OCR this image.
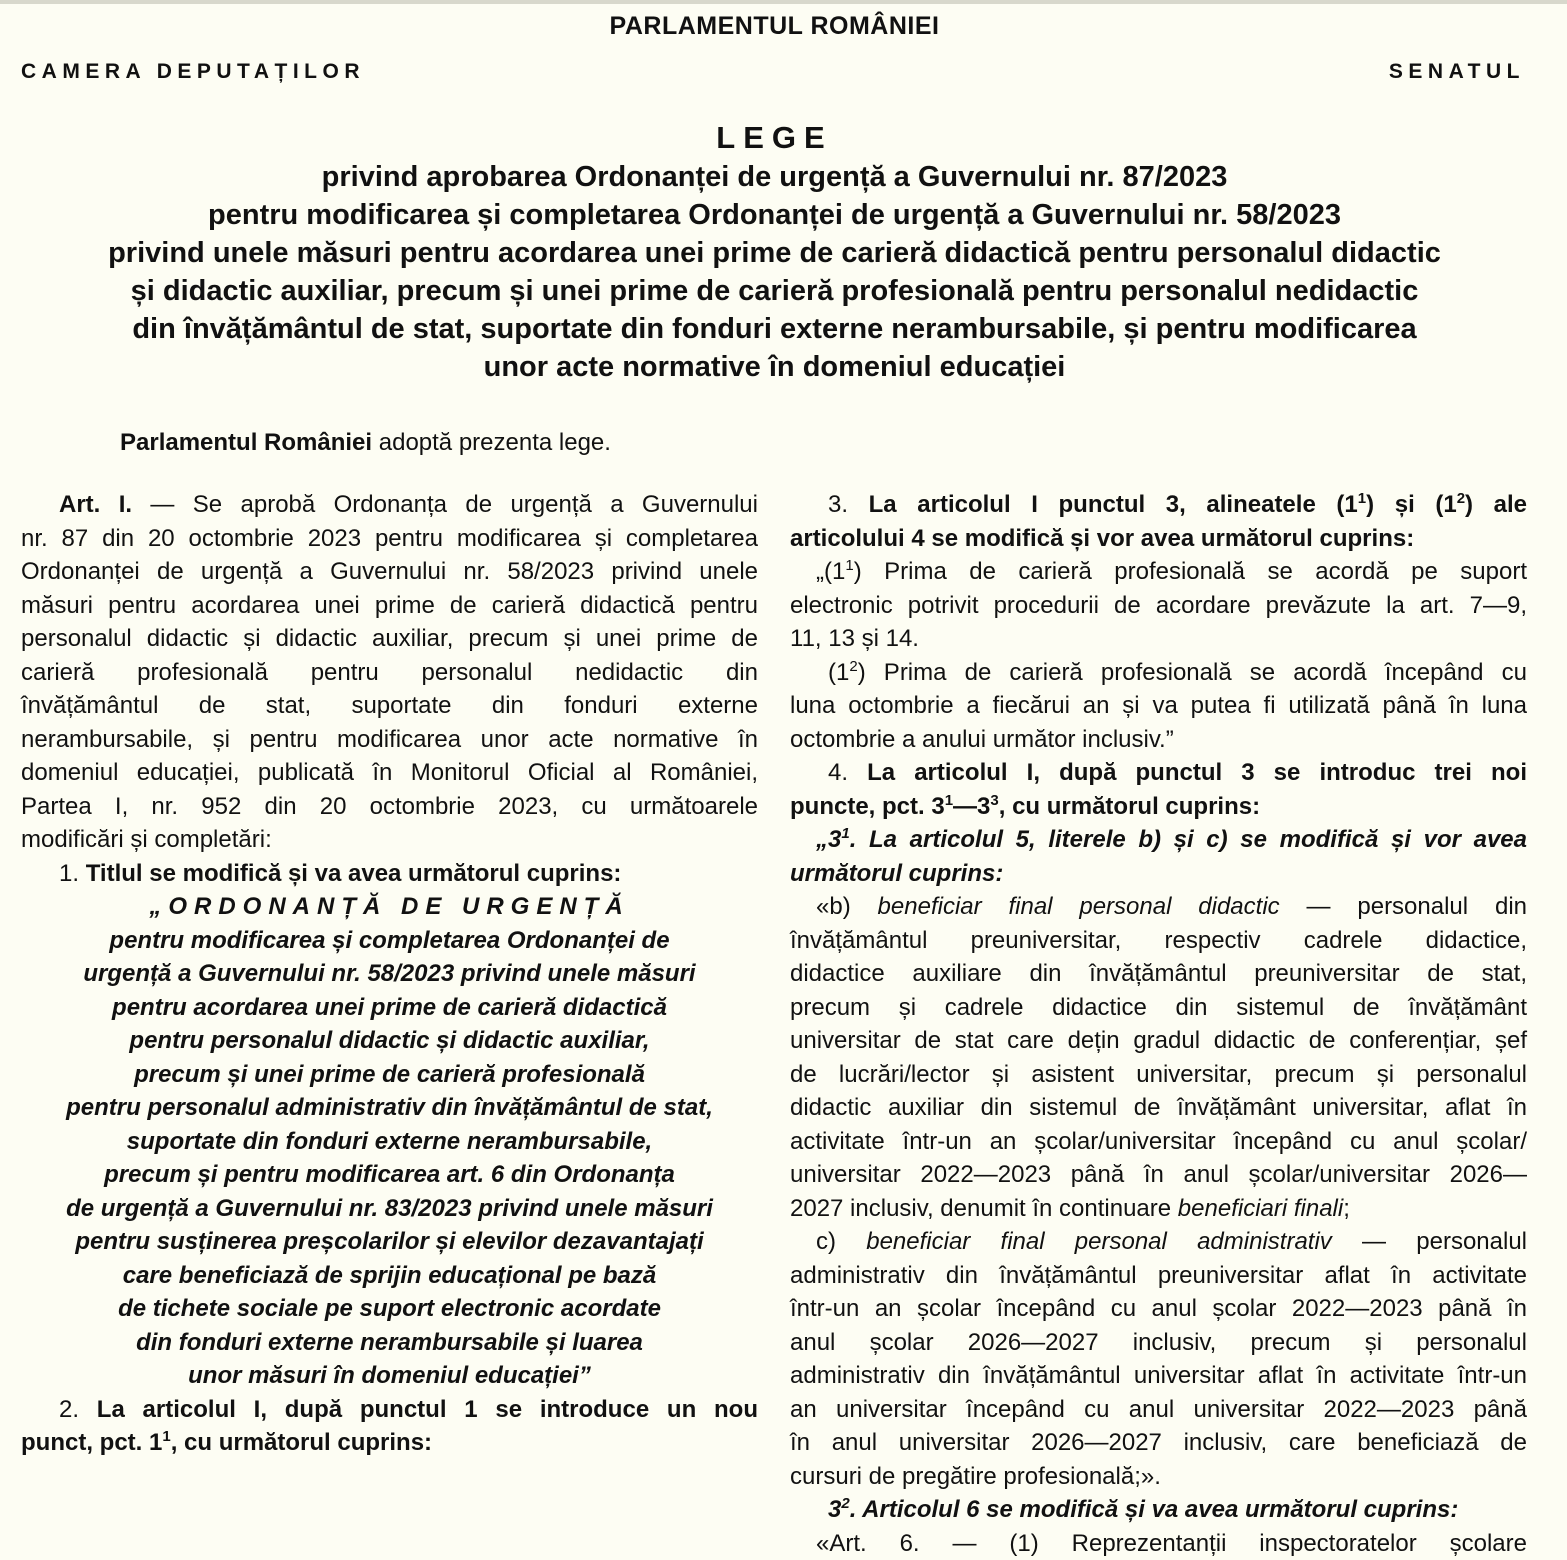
PARLAMENTUL ROMÂNIEI
CAMERA DEPUTAȚILOR	SENATUL
LEGE
privind aprobarea Ordonanței de urgență a Guvernului nr. 87/2023
pentru modificarea și completarea Ordonanței de urgență a Guvernului nr. 58/2023
privind unele măsuri pentru acordarea unei prime de carieră didactică pentru personalul didactic
și didactic auxiliar, precum și unei prime de carieră profesională pentru personalul nedidactic
din învățământul de stat, suportate din fonduri externe nerambursabile, și pentru modificarea
unor acte normative în domeniul educației
Parlamentul României adoptă prezenta lege.

Art. I. — Se aprobă Ordonanța de urgență a Guvernului

nr. 87 din 20 octombrie 2023 pentru modificarea și completarea

Ordonanței de urgență a Guvernului nr. 58/2023 privind unele

măsuri pentru acordarea unei prime de carieră didactică pentru

personalul didactic și didactic auxiliar, precum și unei prime de

carieră profesională pentru personalul nedidactic din

învățământul de stat, suportate din fonduri externe

nerambursabile, și pentru modificarea unor acte normative în

domeniul educației, publicată în Monitorul Oficial al României,

Partea I, nr. 952 din 20 octombrie 2023, cu următoarele

modificări și completări:

1. Titlul se modifică și va avea următorul cuprins:

„ORDONANȚĂ DE URGENȚĂ

pentru modificarea și completarea Ordonanței de

urgență a Guvernului nr. 58/2023 privind unele măsuri

pentru acordarea unei prime de carieră didactică

pentru personalul didactic și didactic auxiliar,

precum și unei prime de carieră profesională

pentru personalul administrativ din învățământul de stat,

suportate din fonduri externe nerambursabile,

precum și pentru modificarea art. 6 din Ordonanța

de urgență a Guvernului nr. 83/2023 privind unele măsuri

pentru susținerea preșcolarilor și elevilor dezavantajați

care beneficiază de sprijin educațional pe bază

de tichete sociale pe suport electronic acordate

din fonduri externe nerambursabile și luarea

unor măsuri în domeniul educației”

2. La articolul I, după punctul 1 se introduce un nou

punct, pct. $1^1$, cu următorul cuprins:

3. La articolul I punctul 3, alineatele $(1^1)$ și $(1^2)$ ale

articolului 4 se modifică și vor avea următorul cuprins:

$„(1^1)$ Prima de carieră profesională se acordă pe suport

electronic potrivit procedurii de acordare prevăzute la art. 7—9,

11, 13 și 14.

$(1^2)$ Prima de carieră profesională se acordă începând cu

luna octombrie a fiecărui an și va putea fi utilizată până în luna

octombrie a anului următor inclusiv.”

4. La articolul I, după punctul 3 se introduc trei noi

puncte, pct. $3^1—3^3$, cu următorul cuprins:

$„3^1$. La articolul 5, literele b) și c) se modifică și vor avea

următorul cuprins:

«b) beneficiar final personal didactic — personalul din

învățământul preuniversitar, respectiv cadrele didactice,

didactice auxiliare din învățământul preuniversitar de stat,

precum și cadrele didactice din sistemul de învățământ

universitar de stat care dețin gradul didactic de conferențiar, șef

de lucrări/lector și asistent universitar, precum și personalul

didactic auxiliar din sistemul de învățământ universitar, aflat în

activitate într-un an școlar/universitar începând cu anul școlar/

universitar 2022—2023 până în anul școlar/universitar 2026—

2027 inclusiv, denumit în continuare beneficiari finali;

c) beneficiar final personal administrativ — personalul

administrativ din învățământul preuniversitar aflat în activitate

într-un an școlar începând cu anul școlar 2022—2023 până în

anul școlar 2026—2027 inclusiv, precum și personalul

administrativ din învățământul universitar aflat în activitate într-un

an universitar începând cu anul universitar 2022—2023 până

în anul universitar 2026—2027 inclusiv, care beneficiază de

cursuri de pregătire profesională;».

$3^2$. Articolul 6 se modifică și va avea următorul cuprins:

«Art. 6. — (1) Reprezentanții inspectoratelor școlare
